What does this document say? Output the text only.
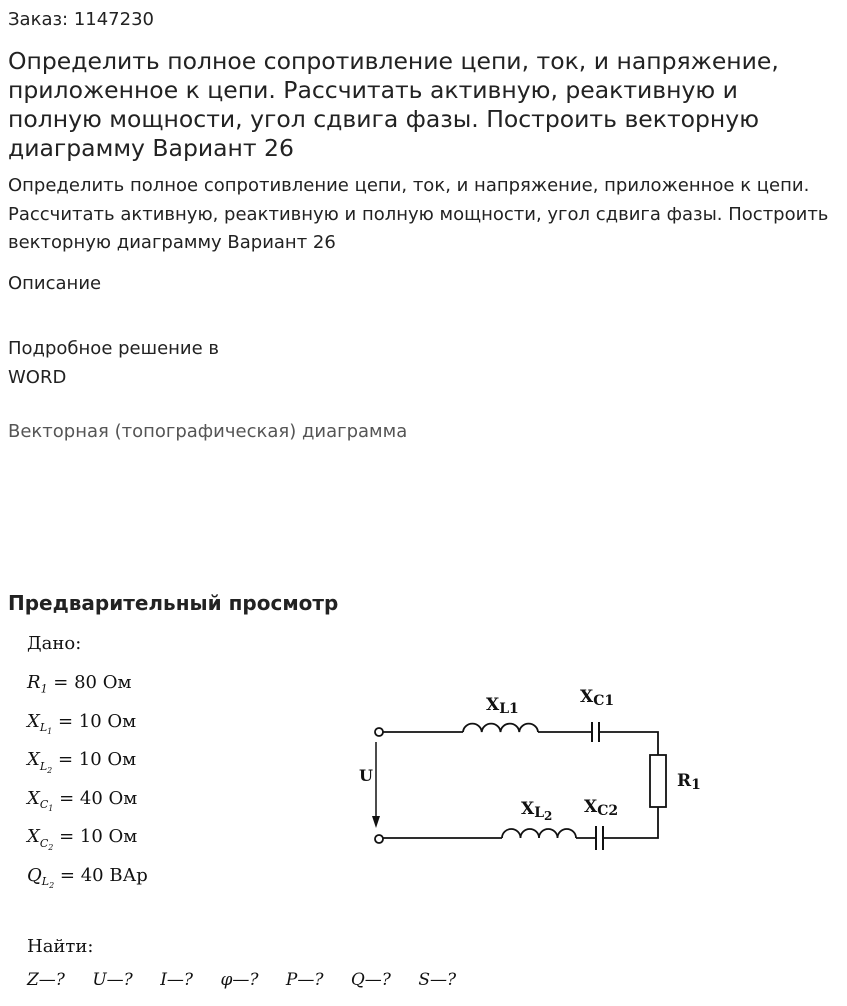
Заказ: 1147230
Определить полное сопротивление цепи, ток, и напряжение, приложенное к цепи. Рассчитать активную, реактивную и полную мощности, угол сдвига фазы. Построить векторную диаграмму Вариант 26
Определить полное сопротивление цепи, ток, и напряжение, приложенное к цепи. Рассчитать активную, реактивную и полную мощности, угол сдвига фазы. Построить векторную диаграмму Вариант 26
Описание
Подробное решение в
WORD
Векторная (топографическая) диаграмма
Предварительный просмотр
Дано:
$R_1 = 80$ Ом
$X_{L_1} = 10$ Ом
$X_{L_2} = 10$ Ом
$X_{C_1} = 40$ Ом
$X_{C_2} = 10$ Ом
$Q_{L_2} = 40$ ВАр
U
XL1
XC1
R1
XL2 XC2
Найти:
Z—? U—? I—? φ—? P—? Q—? S—?
